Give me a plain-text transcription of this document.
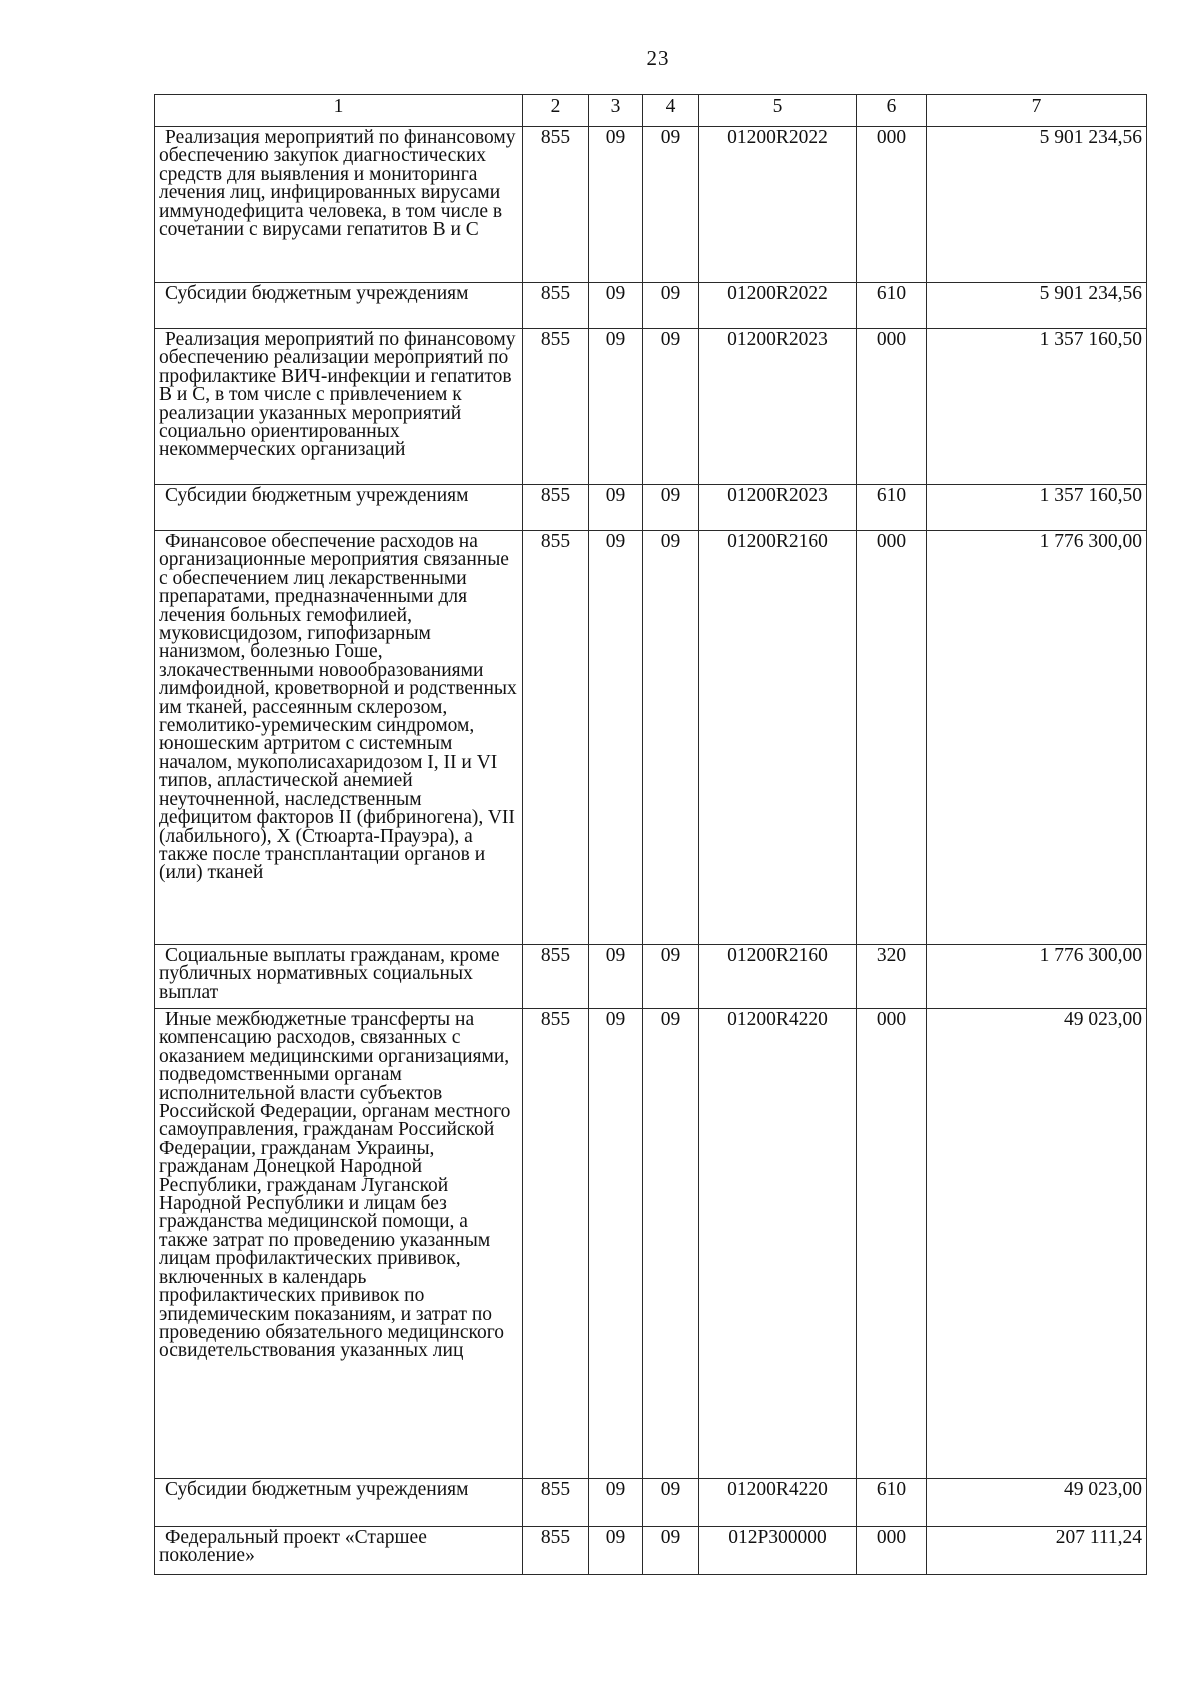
23
1	2	3	4	5	6	7

Реализация мероприятий по финансовому обеспечению закупок диагностических средств для выявления и мониторинга лечения лиц, инфицированных вирусами иммунодефицита человека, в том числе в сочетании с вирусами гепатитов B и C	855	09	09	01200R2022	000	5 901 234,56

Субсидии бюджетным учреждениям	855	09	09	01200R2022	610	5 901 234,56

Реализация мероприятий по финансовому обеспечению реализации мероприятий по профилактике ВИЧ-инфекции и гепатитов B и C, в том числе с привлечением к реализации указанных мероприятий социально ориентированных некоммерческих организаций	855	09	09	01200R2023	000	1 357 160,50

Субсидии бюджетным учреждениям	855	09	09	01200R2023	610	1 357 160,50

Финансовое обеспечение расходов на организационные мероприятия связанные с обеспечением лиц лекарственными препаратами, предназначенными для лечения больных гемофилией, муковисцидозом, гипофизарным нанизмом, болезнью Гоше, злокачественными новообразованиями лимфоидной, кроветворной и родственных им тканей, рассеянным склерозом, гемолитико-уремическим синдромом, юношеским артритом с системным началом, мукополисахаридозом I, II и VI типов, апластической анемией неуточненной, наследственным дефицитом факторов II (фибриногена), VII (лабильного), X (Стюарта-Прауэра), а также после трансплантации органов и (или) тканей	855	09	09	01200R2160	000	1 776 300,00

Социальные выплаты гражданам, кроме публичных нормативных социальных выплат	855	09	09	01200R2160	320	1 776 300,00

Иные межбюджетные трансферты на компенсацию расходов, связанных с оказанием медицинскими организациями, подведомственными органам исполнительной власти субъектов Российской Федерации, органам местного самоуправления, гражданам Российской Федерации, гражданам Украины, гражданам Донецкой Народной Республики, гражданам Луганской Народной Республики и лицам без гражданства медицинской помощи, а также затрат по проведению указанным лицам профилактических прививок, включенных в календарь профилактических прививок по эпидемическим показаниям, и затрат по проведению обязательного медицинского освидетельствования указанных лиц	855	09	09	01200R4220	000	49 023,00

Субсидии бюджетным учреждениям	855	09	09	01200R4220	610	49 023,00

Федеральный проект «Старшее поколение»	855	09	09	012P300000	000	207 111,24
